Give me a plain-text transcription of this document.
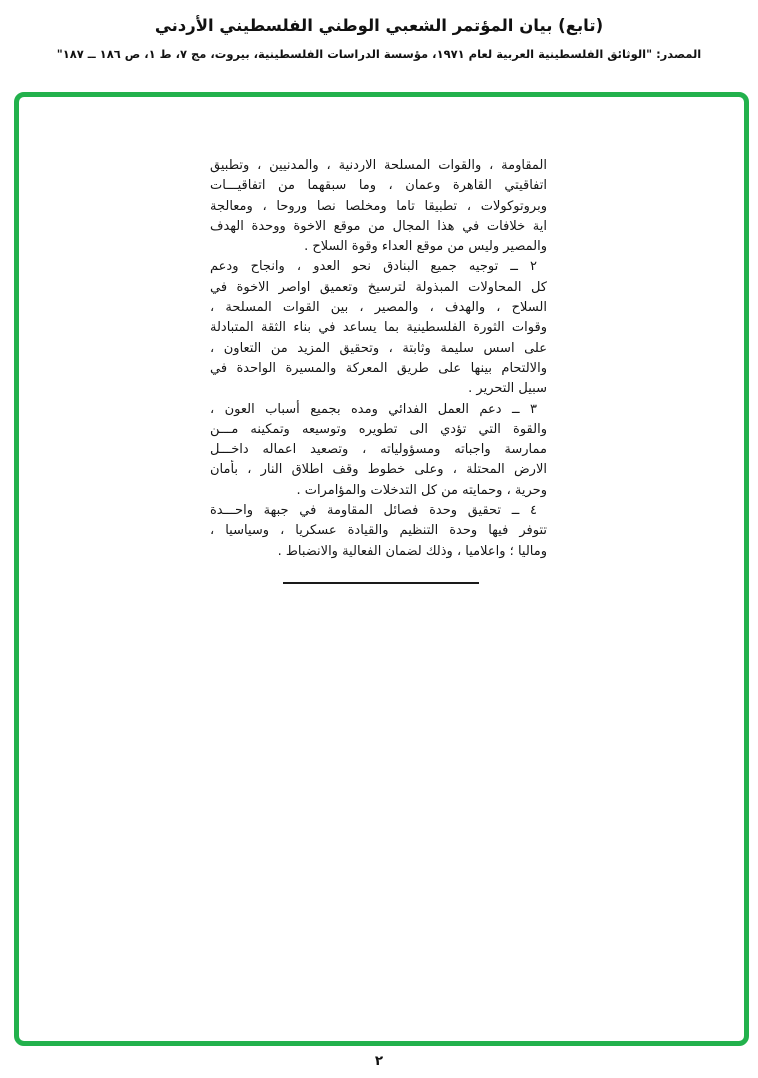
(تابع) بيان المؤتمر الشعبي الوطني الفلسطيني الأردني
المصدر: "الوثائق الفلسطينية العربية لعام ١٩٧١، مؤسسة الدراسات الفلسطينية، بيروت، مج ٧، ط ١، ص ١٨٦ ــ ١٨٧"
المقاومة ، والقوات المسلحة الاردنية ، والمدنيين ، وتطبيق
اتفاقيتي القاهرة وعمان ، وما سبقهما من اتفاقيـــات
وبروتوكولات ، تطبيقا تاما ومخلصا نصا وروحا ، ومعالجة
اية خلافات في هذا المجال من موقع الاخوة ووحدة الهدف
والمصير وليس من موقع العداء وقوة السلاح .
٢ ــ توجيه جميع البنادق نحو العدو ، وانجاح ودعم
كل المحاولات المبذولة لترسيخ وتعميق اواصر الاخوة في
السلاح ، والهدف ، والمصير ، بين القوات المسلحة ،
وقوات الثورة الفلسطينية بما يساعد في بناء الثقة المتبادلة
على اسس سليمة وثابتة ، وتحقيق المزيد من التعاون ،
والالتحام بينها على طريق المعركة والمسيرة الواحدة في
سبيل التحرير .
٣ ــ دعم العمل الفدائي ومده بجميع أسباب العون ،
والقوة التي تؤدي الى تطويره وتوسيعه وتمكينه مـــن
ممارسة واجباته ومسؤولياته ، وتصعيد اعماله داخـــل
الارض المحتلة ، وعلى خطوط وقف اطلاق النار ، بأمان
وحرية ، وحمايته من كل التدخلات والمؤامرات .
٤ ــ تحقيق وحدة فصائل المقاومة في جبهة واحـــدة
تتوفر فيها وحدة التنظيم والقيادة عسكريا ، وسياسيا ،
وماليا ؛ واعلاميا ، وذلك لضمان الفعالية والانضباط .
٢
